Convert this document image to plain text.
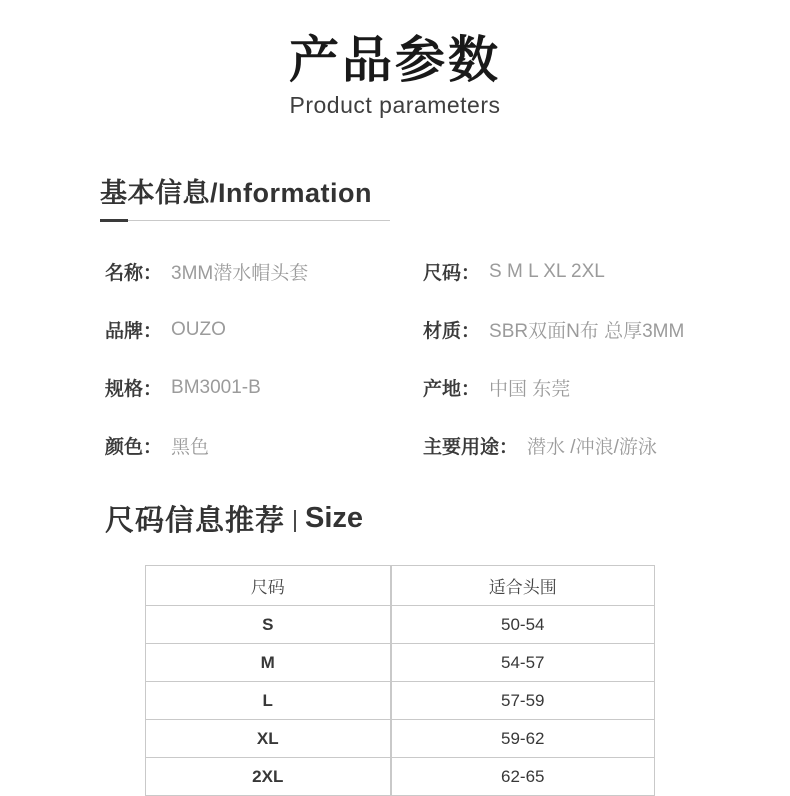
产品参数
Product parameters
基本信息/Information
名称： 3MM潜水帽头套	尺码： S M L XL 2XL
品牌： OUZO	材质： SBR双面N布 总厚3MM
规格： BM3001-B	产地： 中国 东莞
颜色： 黑色	主要用途： 潜水 /冲浪/游泳
尺码信息推荐 Size
尺码	适合头围
S	50-54
M	54-57
L	57-59
XL	59-62
2XL	62-65
